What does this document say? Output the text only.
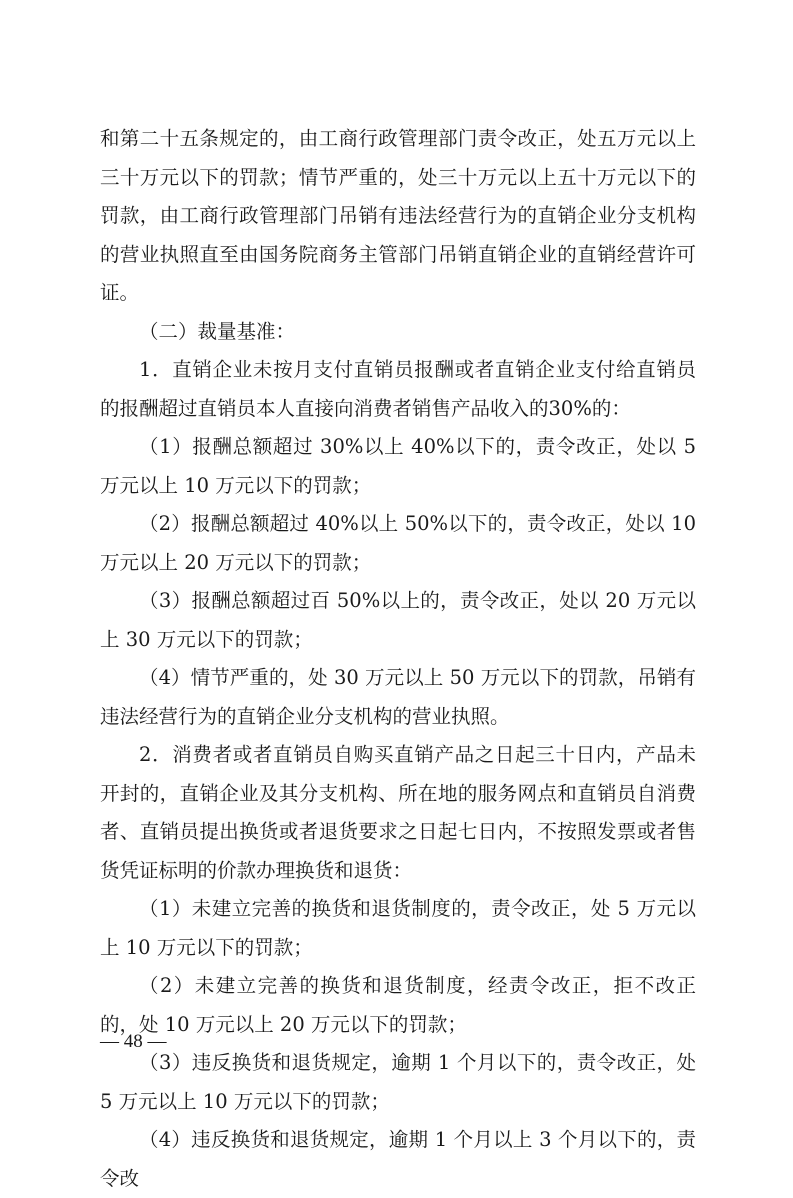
和第二十五条规定的，由工商行政管理部门责令改正，处五万元以上三十万元以下的罚款；情节严重的，处三十万元以上五十万元以下的罚款，由工商行政管理部门吊销有违法经营行为的直销企业分支机构的营业执照直至由国务院商务主管部门吊销直销企业的直销经营许可证。

（二）裁量基准：

1．直销企业未按月支付直销员报酬或者直销企业支付给直销员的报酬超过直销员本人直接向消费者销售产品收入的30%的：

（1）报酬总额超过 30%以上 40%以下的，责令改正，处以 5 万元以上 10 万元以下的罚款；

（2）报酬总额超过 40%以上 50%以下的，责令改正，处以 10 万元以上 20 万元以下的罚款；

（3）报酬总额超过百 50%以上的，责令改正，处以 20 万元以上 30 万元以下的罚款；

（4）情节严重的，处 30 万元以上 50 万元以下的罚款，吊销有违法经营行为的直销企业分支机构的营业执照。

2．消费者或者直销员自购买直销产品之日起三十日内，产品未开封的，直销企业及其分支机构、所在地的服务网点和直销员自消费者、直销员提出换货或者退货要求之日起七日内，不按照发票或者售货凭证标明的价款办理换货和退货：

（1）未建立完善的换货和退货制度的，责令改正，处 5 万元以上 10 万元以下的罚款；

（2）未建立完善的换货和退货制度，经责令改正，拒不改正的，处 10 万元以上 20 万元以下的罚款；

（3）违反换货和退货规定，逾期 1 个月以下的，责令改正，处 5 万元以上 10 万元以下的罚款；

（4）违反换货和退货规定，逾期 1 个月以上 3 个月以下的，责令改

— 48 —
